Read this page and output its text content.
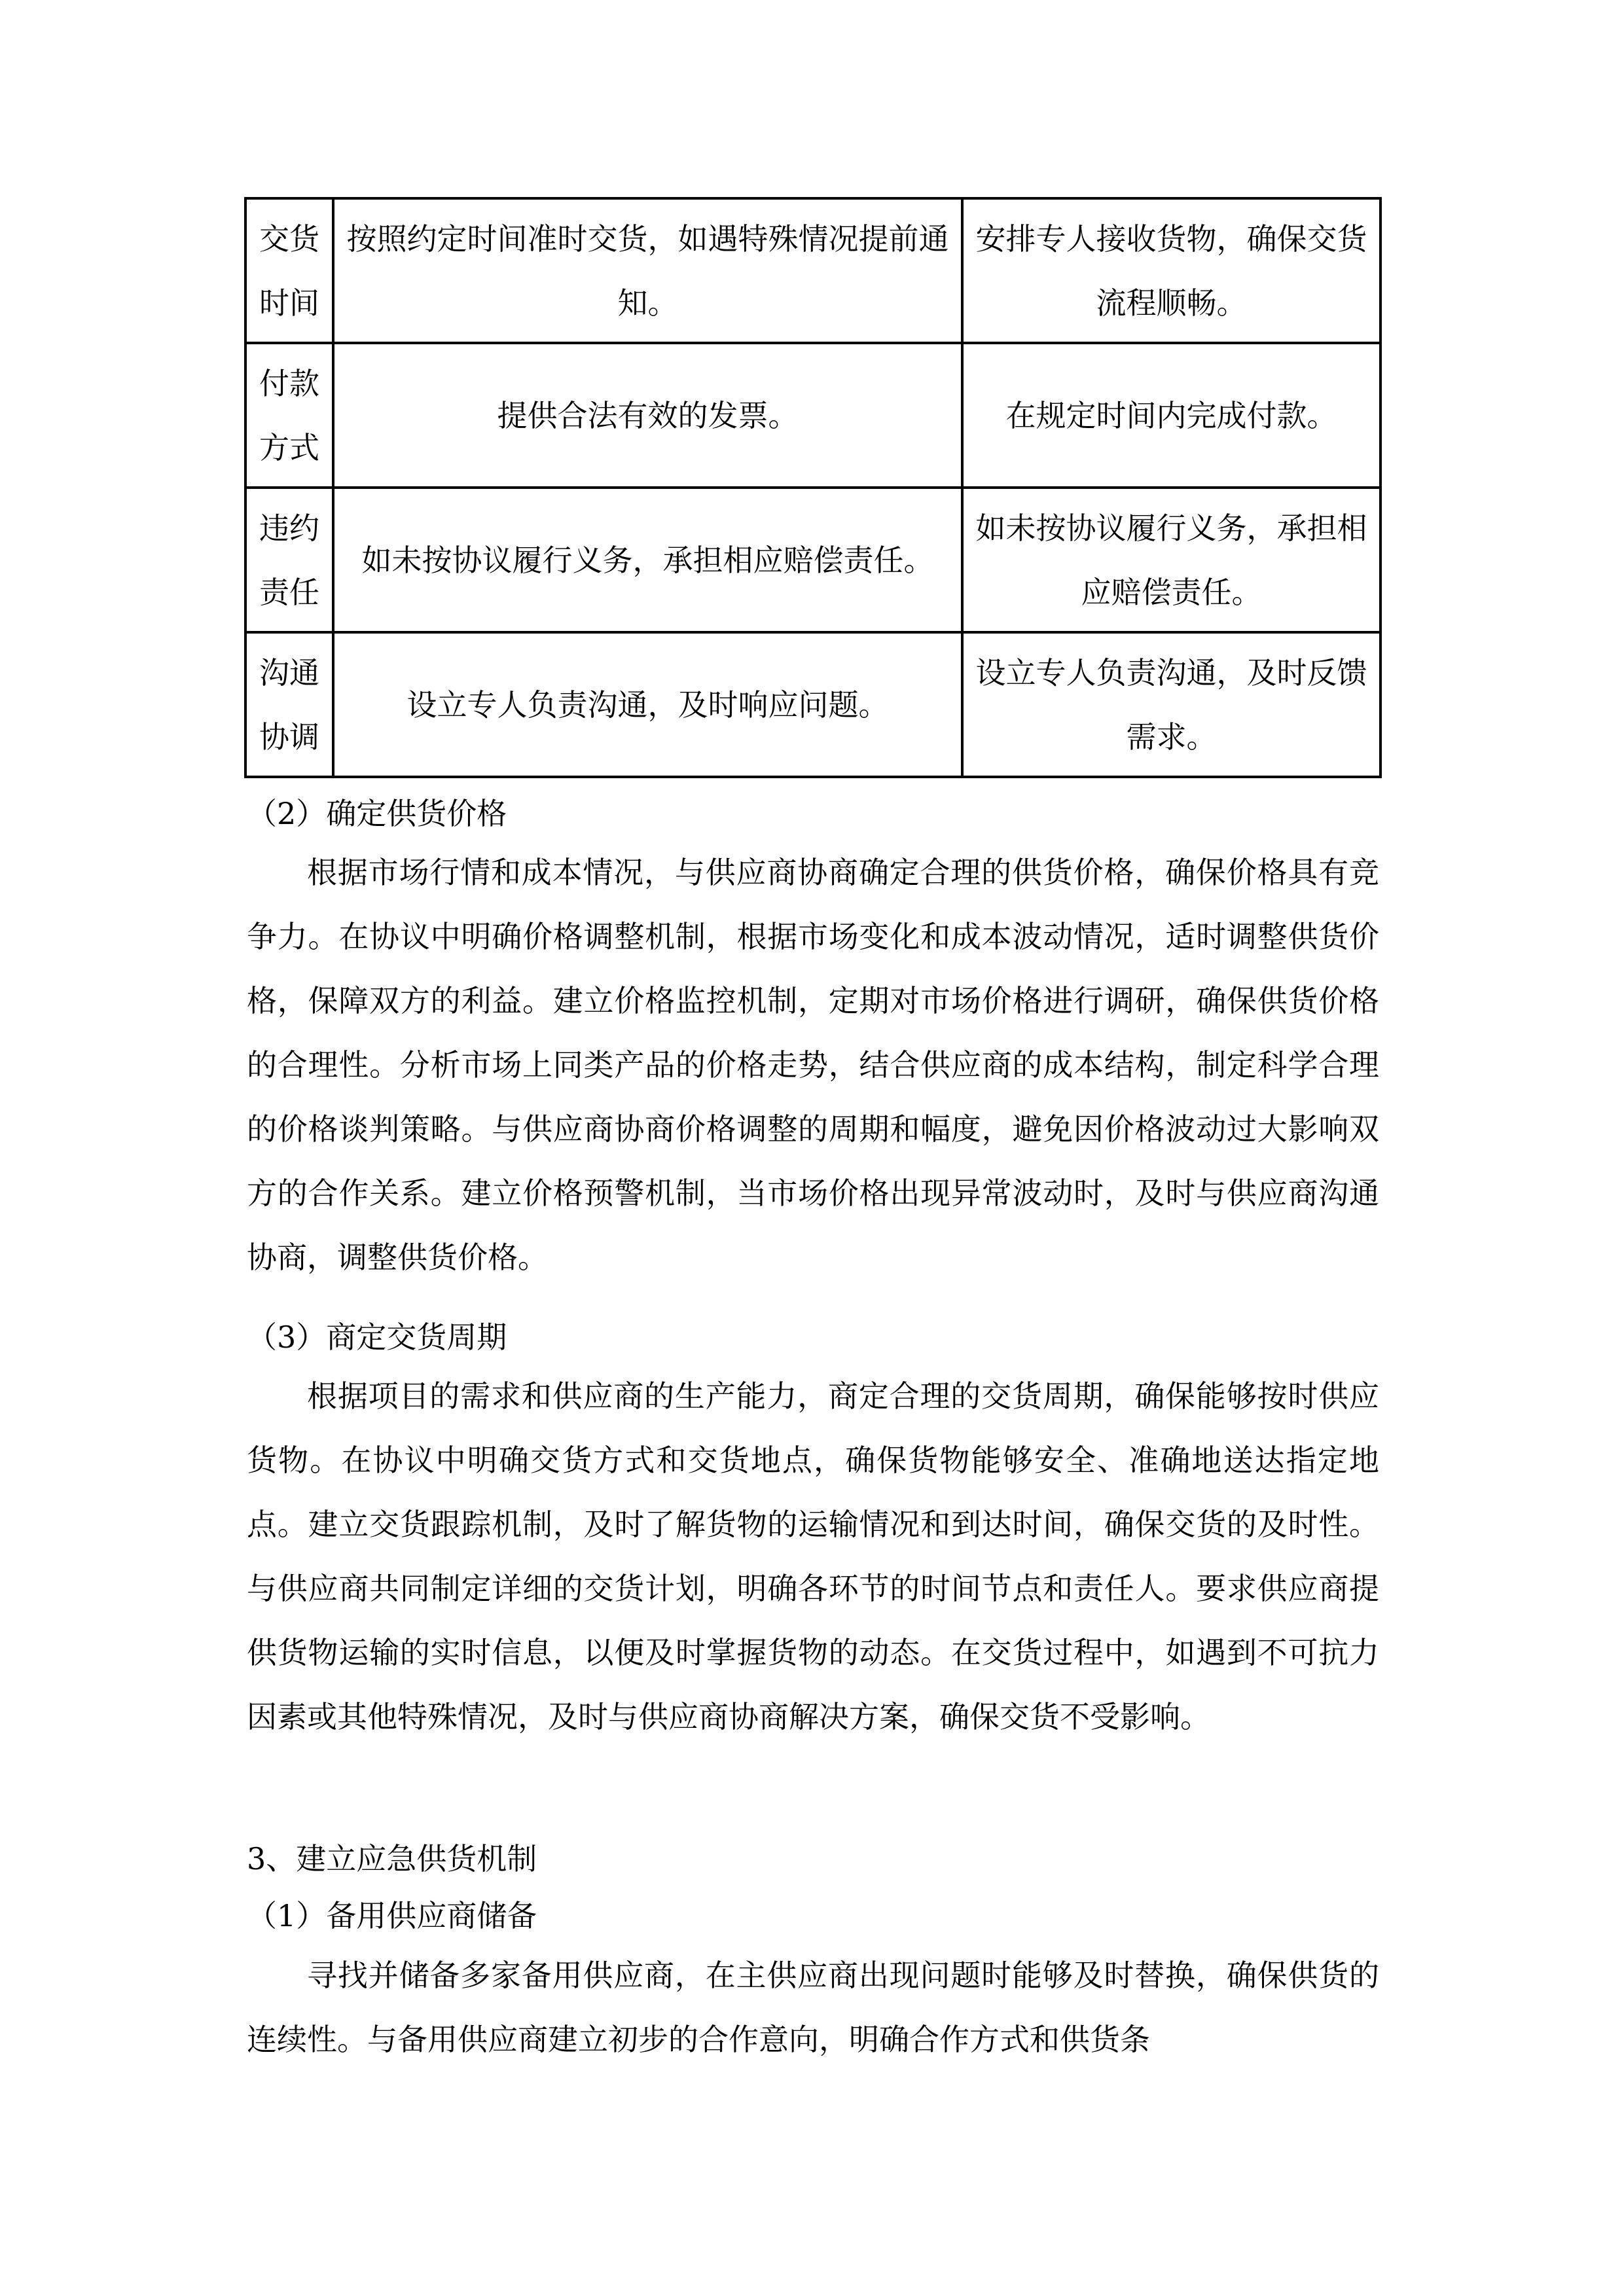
交货
时间	按照约定时间准时交货，如遇特殊情况提前通知。	安排专人接收货物，确保交货流程顺畅。

付款
方式	提供合法有效的发票。	在规定时间内完成付款。

违约
责任	如未按协议履行义务，承担相应赔偿责任。	如未按协议履行义务，承担相应赔偿责任。

沟通
协调	设立专人负责沟通，及时响应问题。	设立专人负责沟通，及时反馈需求。
（2）确定供货价格

根据市场行情和成本情况，与供应商协商确定合理的供货价格，确保价格具有竞争力。在协议中明确价格调整机制，根据市场变化和成本波动情况，适时调整供货价格，保障双方的利益。建立价格监控机制，定期对市场价格进行调研，确保供货价格的合理性。分析市场上同类产品的价格走势，结合供应商的成本结构，制定科学合理的价格谈判策略。与供应商协商价格调整的周期和幅度，避免因价格波动过大影响双方的合作关系。建立价格预警机制，当市场价格出现异常波动时，及时与供应商沟通协商，调整供货价格。

（3）商定交货周期

根据项目的需求和供应商的生产能力，商定合理的交货周期，确保能够按时供应货物。在协议中明确交货方式和交货地点，确保货物能够安全、准确地送达指定地点。建立交货跟踪机制，及时了解货物的运输情况和到达时间，确保交货的及时性。与供应商共同制定详细的交货计划，明确各环节的时间节点和责任人。要求供应商提供货物运输的实时信息，以便及时掌握货物的动态。在交货过程中，如遇到不可抗力因素或其他特殊情况，及时与供应商协商解决方案，确保交货不受影响。

3、建立应急供货机制
（1）备用供应商储备

寻找并储备多家备用供应商，在主供应商出现问题时能够及时替换，确保供货的连续性。与备用供应商建立初步的合作意向，明确合作方式和供货条
